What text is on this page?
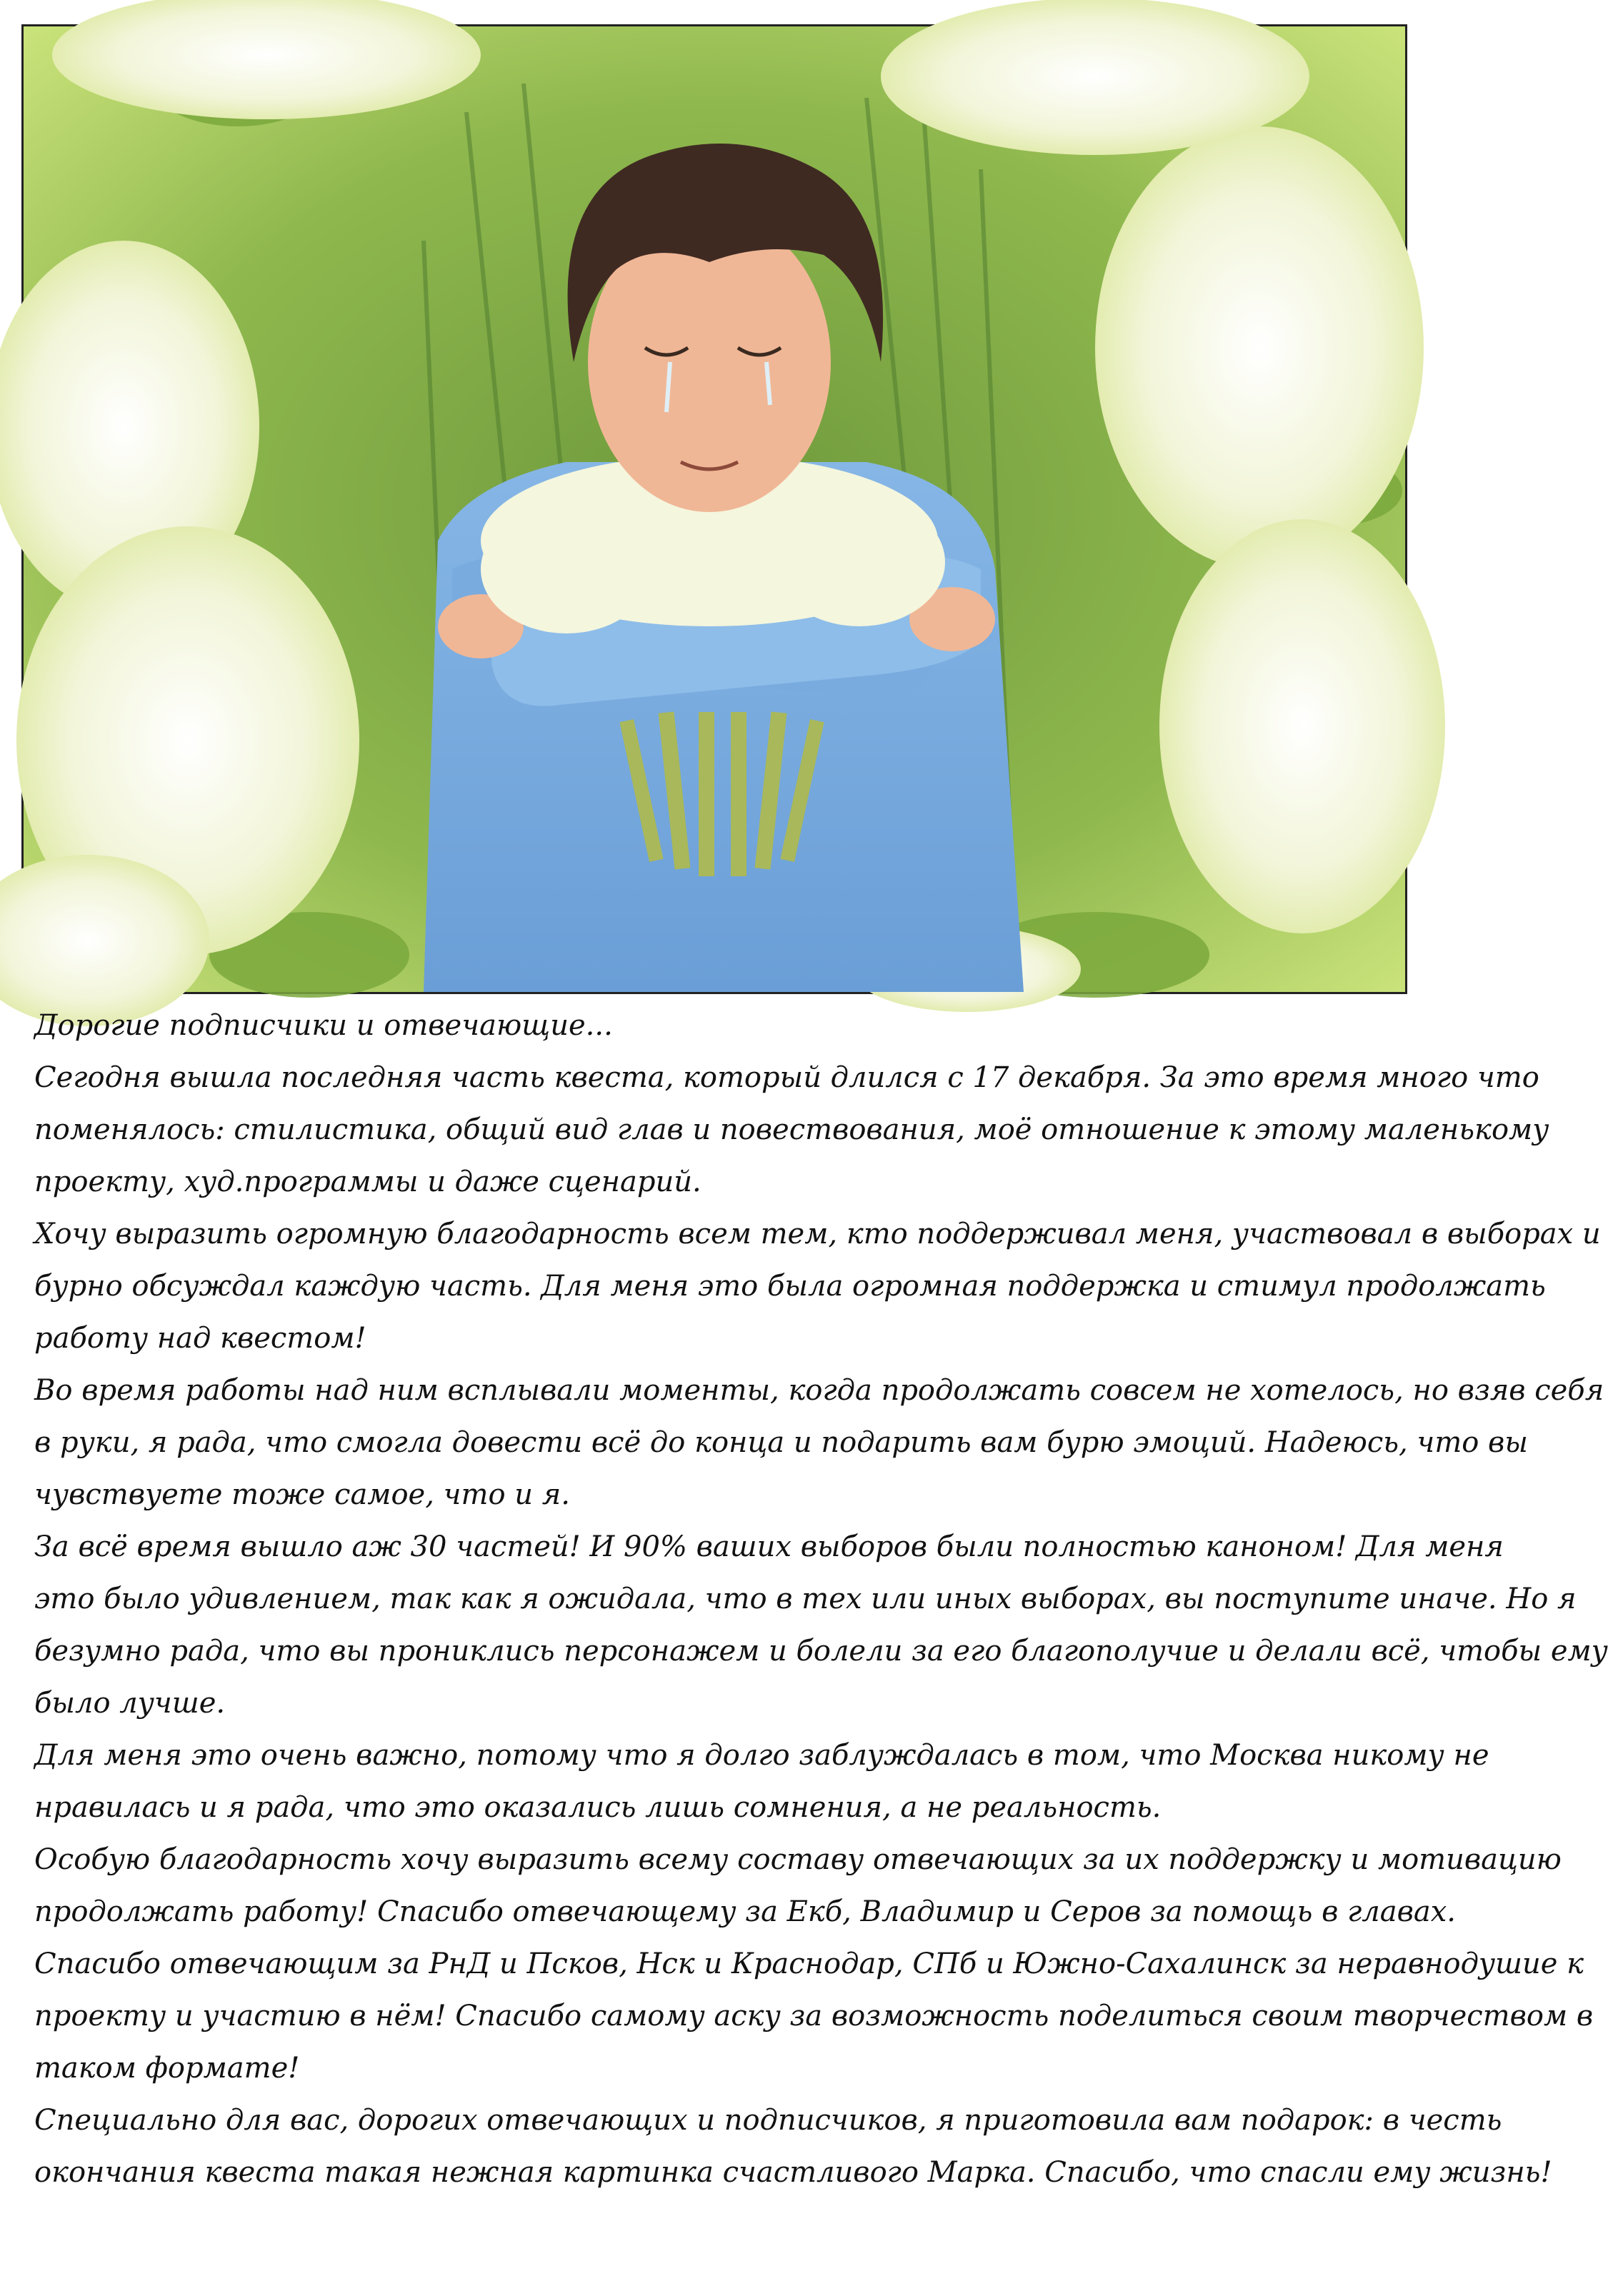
Дорогие подписчики и отвечающие...
Сегодня вышла последняя часть квеста, который длился с 17 декабря. За это время много что
поменялось: стилистика, общий вид глав и повествования, моё отношение к этому маленькому
проекту, худ.программы и даже сценарий.
Хочу выразить огромную благодарность всем тем, кто поддерживал меня, участвовал в выборах и
бурно обсуждал каждую часть. Для меня это была огромная поддержка и стимул продолжать
работу над квестом!
Во время работы над ним всплывали моменты, когда продолжать совсем не хотелось, но взяв себя
в руки, я рада, что смогла довести всё до конца и подарить вам бурю эмоций. Надеюсь, что вы
чувствуете тоже самое, что и я.
За всё время вышло аж 30 частей! И 90% ваших выборов были полностью каноном! Для меня
это было удивлением, так как я ожидала, что в тех или иных выборах, вы поступите иначе. Но я
безумно рада, что вы прониклись персонажем и болели за его благополучие и делали всё, чтобы ему
было лучше.
Для меня это очень важно, потому что я долго заблуждалась в том, что Москва никому не
нравилась и я рада, что это оказались лишь сомнения, а не реальность.
Особую благодарность хочу выразить всему составу отвечающих за их поддержку и мотивацию
продолжать работу! Спасибо отвечающему за Екб, Владимир и Серов за помощь в главах.
Спасибо отвечающим за РнД и Псков, Нск и Краснодар, СПб и Южно-Сахалинск за неравнодушие к
проекту и участию в нём! Спасибо самому аску за возможность поделиться своим творчеством в
таком формате!
Специально для вас, дорогих отвечающих и подписчиков, я приготовила вам подарок: в честь
окончания квеста такая нежная картинка счастливого Марка. Спасибо, что спасли ему жизнь!
